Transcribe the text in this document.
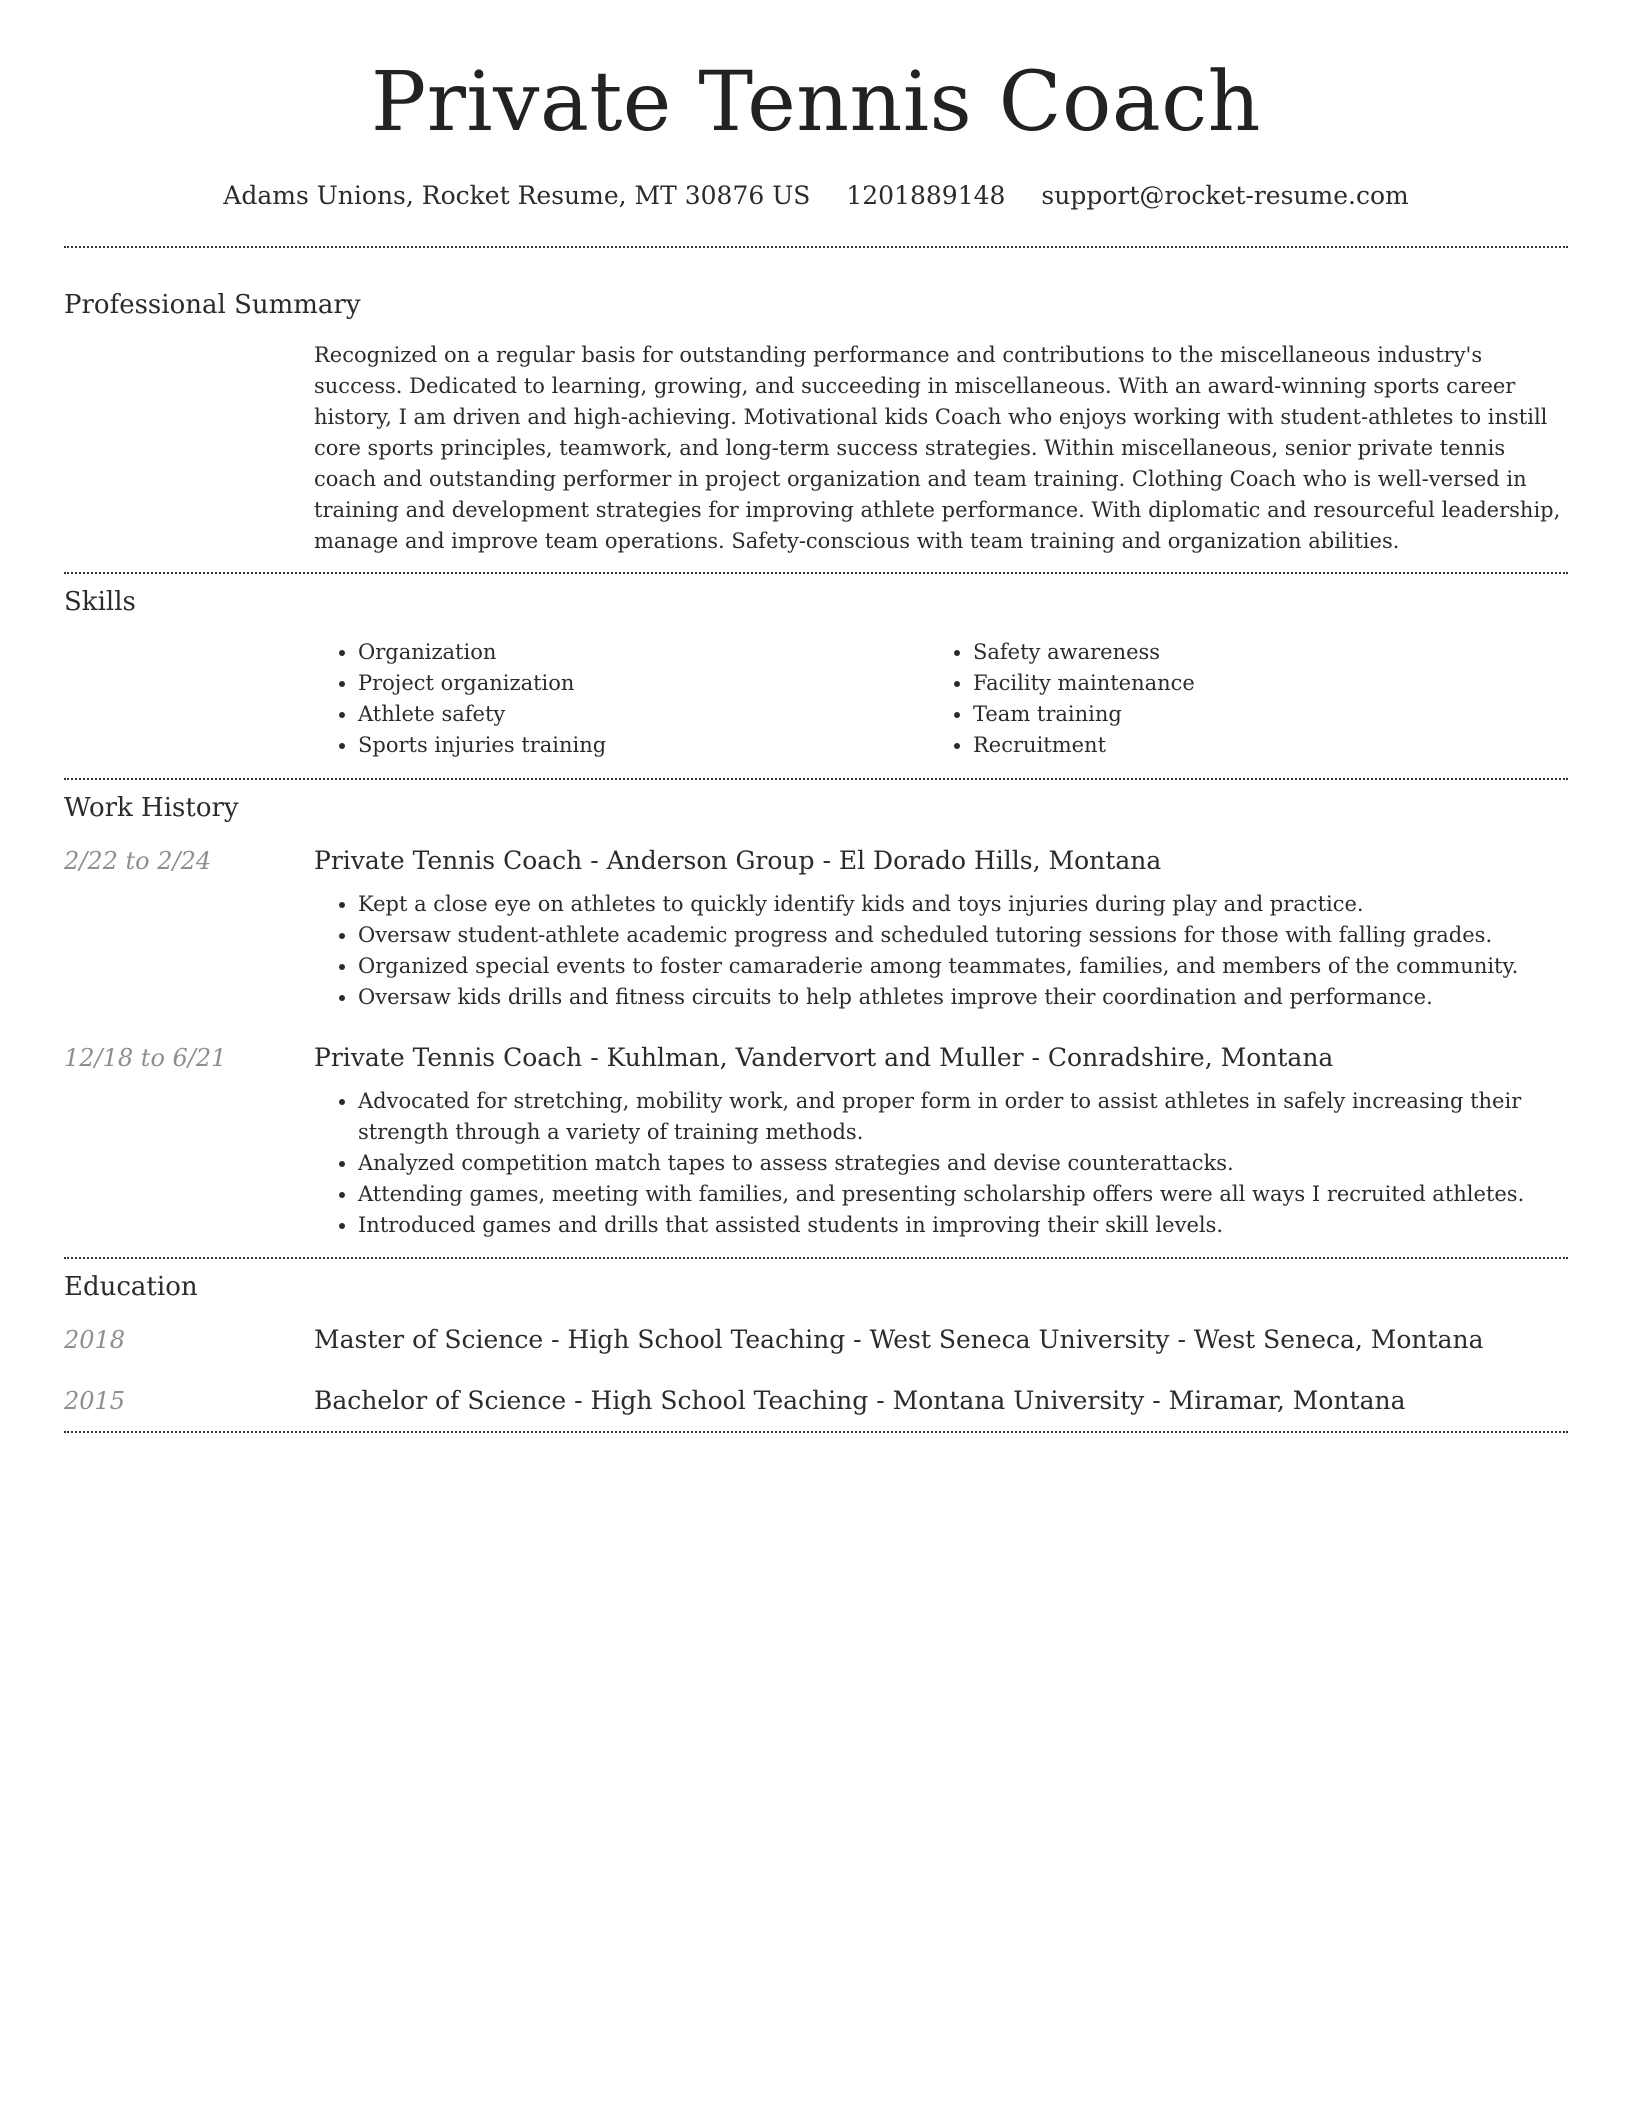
Private Tennis Coach
Adams Unions, Rocket Resume, MT 30876 US 1201889148 support@rocket-resume.com
Professional Summary

Recognized on a regular basis for outstanding performance and contributions to the miscellaneous industry's success. Dedicated to learning, growing, and succeeding in miscellaneous. With an award-winning sports career history, I am driven and high-achieving. Motivational kids Coach who enjoys working with student-athletes to instill core sports principles, teamwork, and long-term success strategies. Within miscellaneous, senior private tennis coach and outstanding performer in project organization and team training. Clothing Coach who is well-versed in training and development strategies for improving athlete performance. With diplomatic and resourceful leadership, manage and improve team operations. Safety-conscious with team training and organization abilities.

Skills
• Organization
• Project organization
• Athlete safety
• Sports injuries training
• Safety awareness
• Facility maintenance
• Team training
• Recruitment
Work History
2/22 to 2/24	Private Tennis Coach - Anderson Group - El Dorado Hills, Montana
• Kept a close eye on athletes to quickly identify kids and toys injuries during play and practice.
• Oversaw student-athlete academic progress and scheduled tutoring sessions for those with falling grades.
• Organized special events to foster camaraderie among teammates, families, and members of the community.
• Oversaw kids drills and fitness circuits to help athletes improve their coordination and performance.
12/18 to 6/21	Private Tennis Coach - Kuhlman, Vandervort and Muller - Conradshire, Montana
• Advocated for stretching, mobility work, and proper form in order to assist athletes in safely increasing their strength through a variety of training methods.
• Analyzed competition match tapes to assess strategies and devise counterattacks.
• Attending games, meeting with families, and presenting scholarship offers were all ways I recruited athletes.
• Introduced games and drills that assisted students in improving their skill levels.
Education
2018	Master of Science - High School Teaching - West Seneca University - West Seneca, Montana
2015	Bachelor of Science - High School Teaching - Montana University - Miramar, Montana
